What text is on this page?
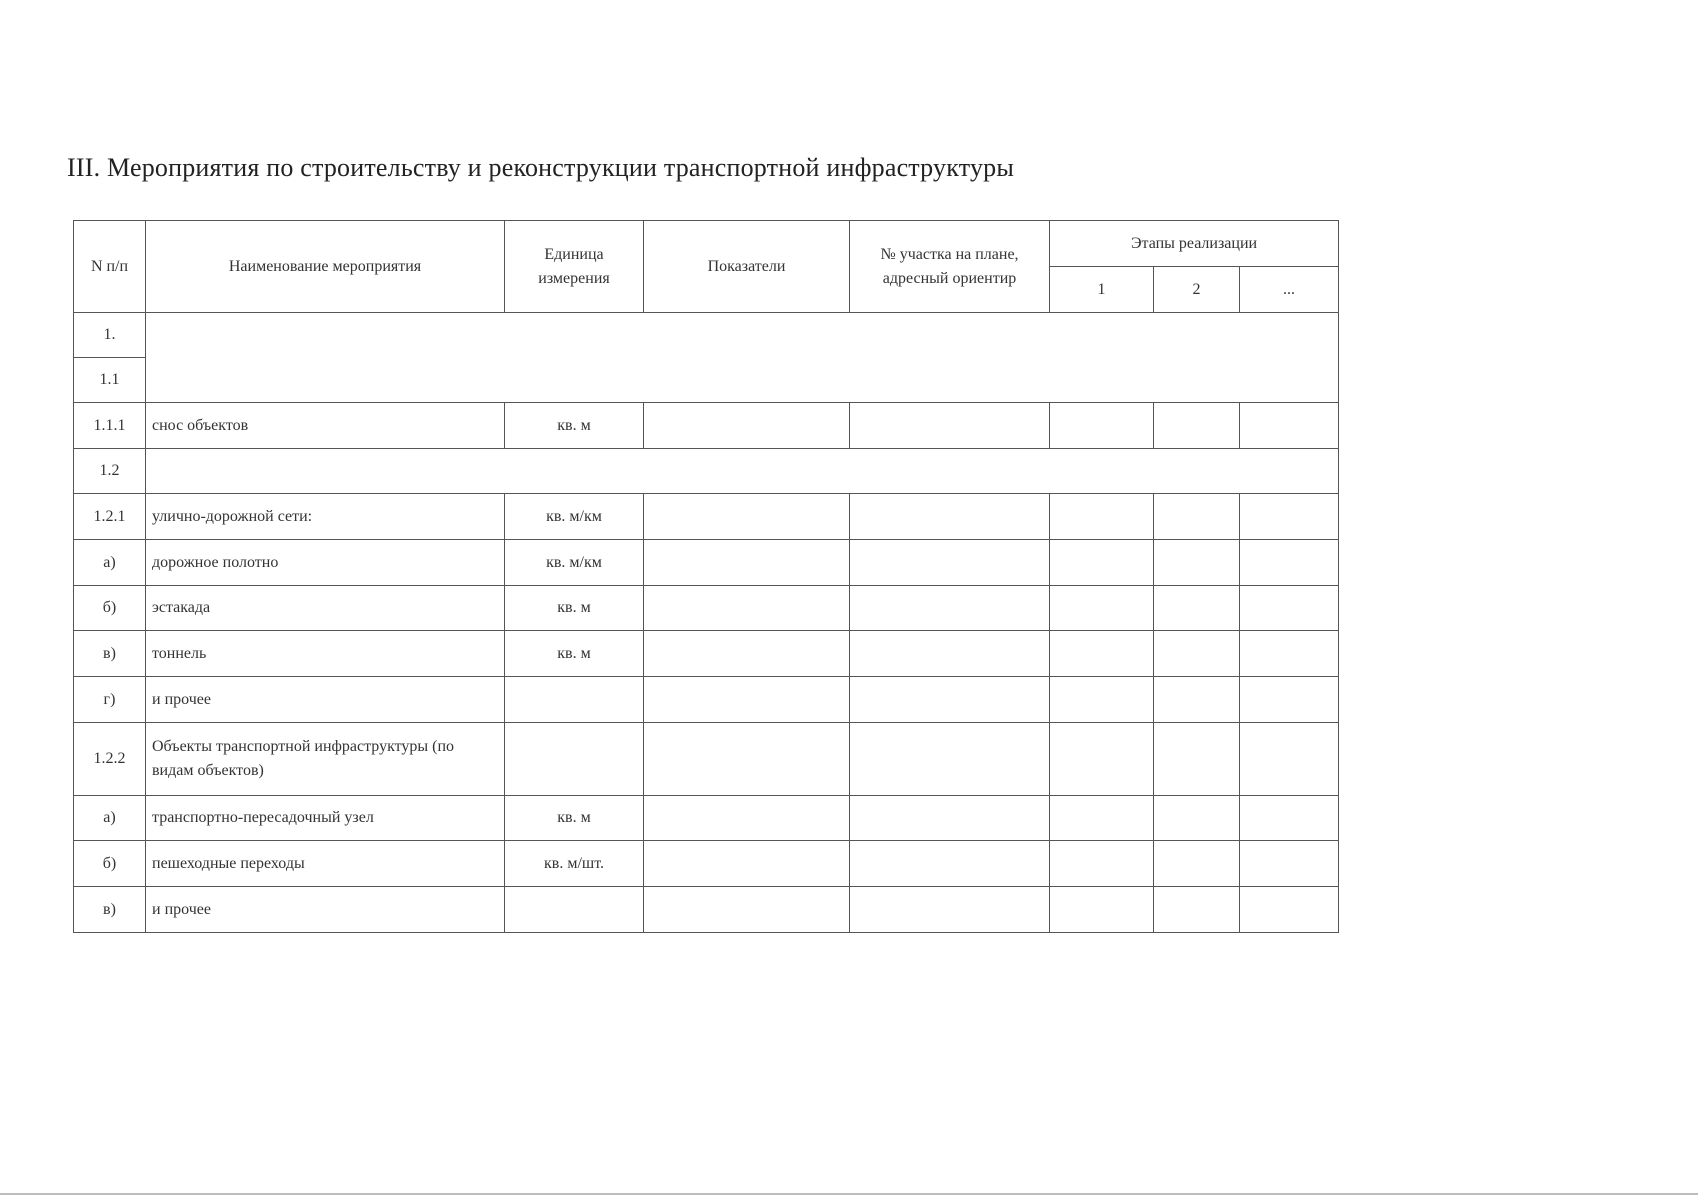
III. Мероприятия по строительству и реконструкции транспортной инфраструктуры
N п/п	Наименование мероприятия	Единица измерения	Показатели	№ участка на плане, адресный ориентир	Этапы реализации		
					1	2	...
1.							
1.1							
1.1.1	снос объектов	кв. м					
1.2							
1.2.1	улично-дорожной сети:	кв. м/км					
а)	дорожное полотно	кв. м/км					
б)	эстакада	кв. м					
в)	тоннель	кв. м					
г)	и прочее						
1.2.2	Объекты транспортной инфраструктуры (по видам объектов)						
а)	транспортно-пересадочный узел	кв. м					
б)	пешеходные переходы	кв. м/шт.					
в)	и прочее						
